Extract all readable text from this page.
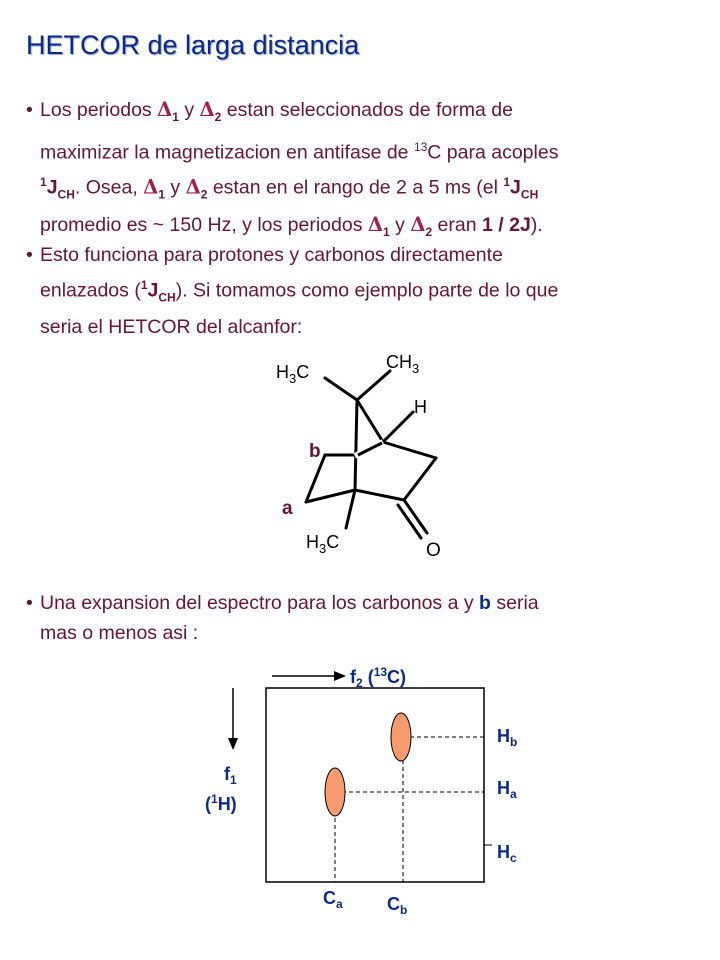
HETCOR de larga distancia
• Los periodos $\Delta_1$ y $\Delta_2$ estan seleccionados de forma de
maximizar la magnetizacion en antifase de $^{13}$C para acoples
$^1J_{CH}$. Osea, $\Delta_1$ y $\Delta_2$ estan en el rango de 2 a 5 ms (el $^1J_{CH}$
promedio es ~ 150 Hz, y los periodos $\Delta_1$ y $\Delta_2$ eran 1 / 2J).
• Esto funciona para protones y carbonos directamente
enlazados $(^1J_{CH})$. Si tomamos como ejemplo parte de lo que
seria el HETCOR del alcanfor:
$H_3C$	$CH_3$
H
b
a
$H_3C$	O
• Una expansion del espectro para los carbonos a y b seria
mas o menos asi :
$f_2$ ($^{13}$C)
$f_1$
($^1$H)
$H_b$
$H_a$
$H_c$
$C_a$ $C_b$
